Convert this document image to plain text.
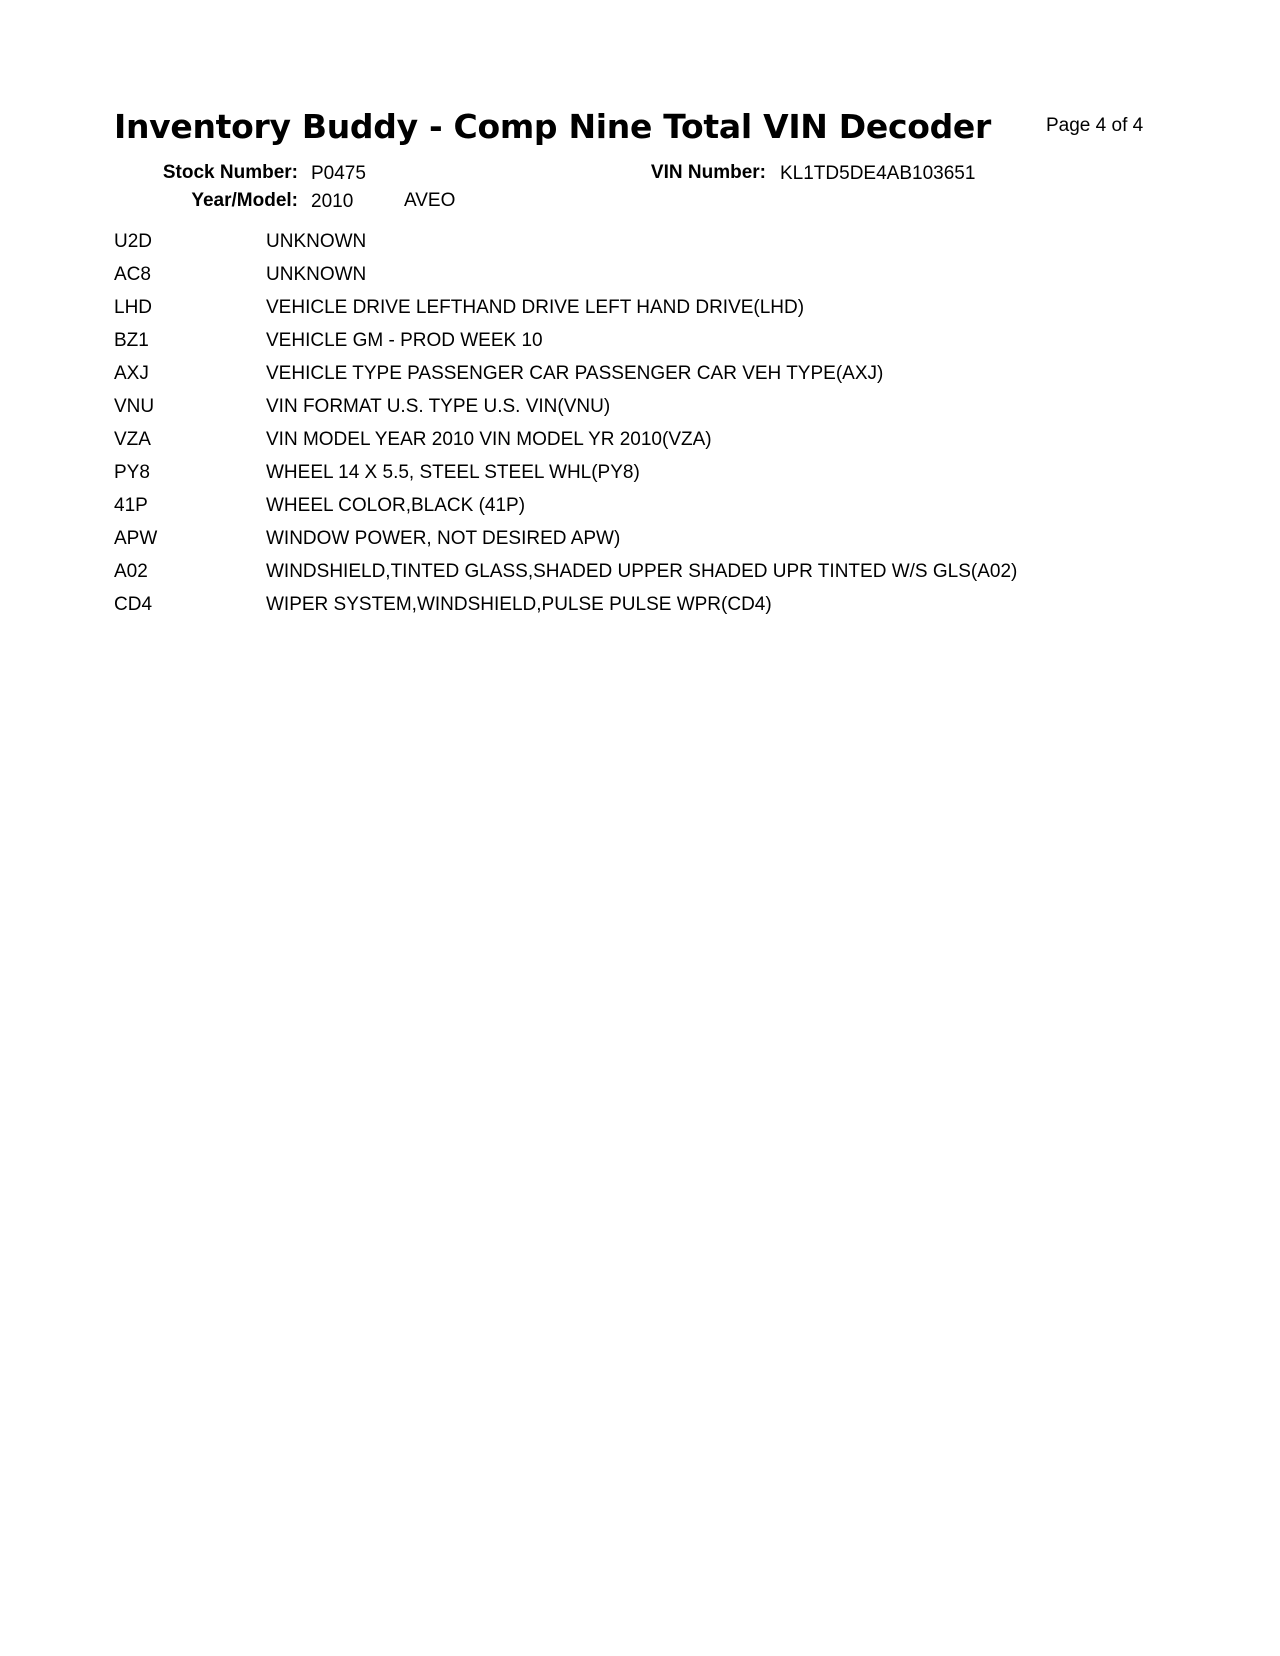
Inventory Buddy - Comp Nine Total VIN Decoder	Page 4 of 4
Stock Number: P0475	VIN Number: KL1TD5DE4AB103651
Year/Model: 2010	AVEO
U2D	UNKNOWN
AC8	UNKNOWN
LHD	VEHICLE DRIVE LEFTHAND DRIVE LEFT HAND DRIVE(LHD)
BZ1	VEHICLE GM - PROD WEEK 10
AXJ	VEHICLE TYPE PASSENGER CAR PASSENGER CAR VEH TYPE(AXJ)
VNU	VIN FORMAT U.S. TYPE U.S. VIN(VNU)
VZA	VIN MODEL YEAR 2010 VIN MODEL YR 2010(VZA)
PY8	WHEEL 14 X 5.5, STEEL STEEL WHL(PY8)
41P	WHEEL COLOR,BLACK (41P)
APW	WINDOW POWER, NOT DESIRED APW)
A02	WINDSHIELD,TINTED GLASS,SHADED UPPER SHADED UPR TINTED W/S GLS(A02)
CD4	WIPER SYSTEM,WINDSHIELD,PULSE PULSE WPR(CD4)
